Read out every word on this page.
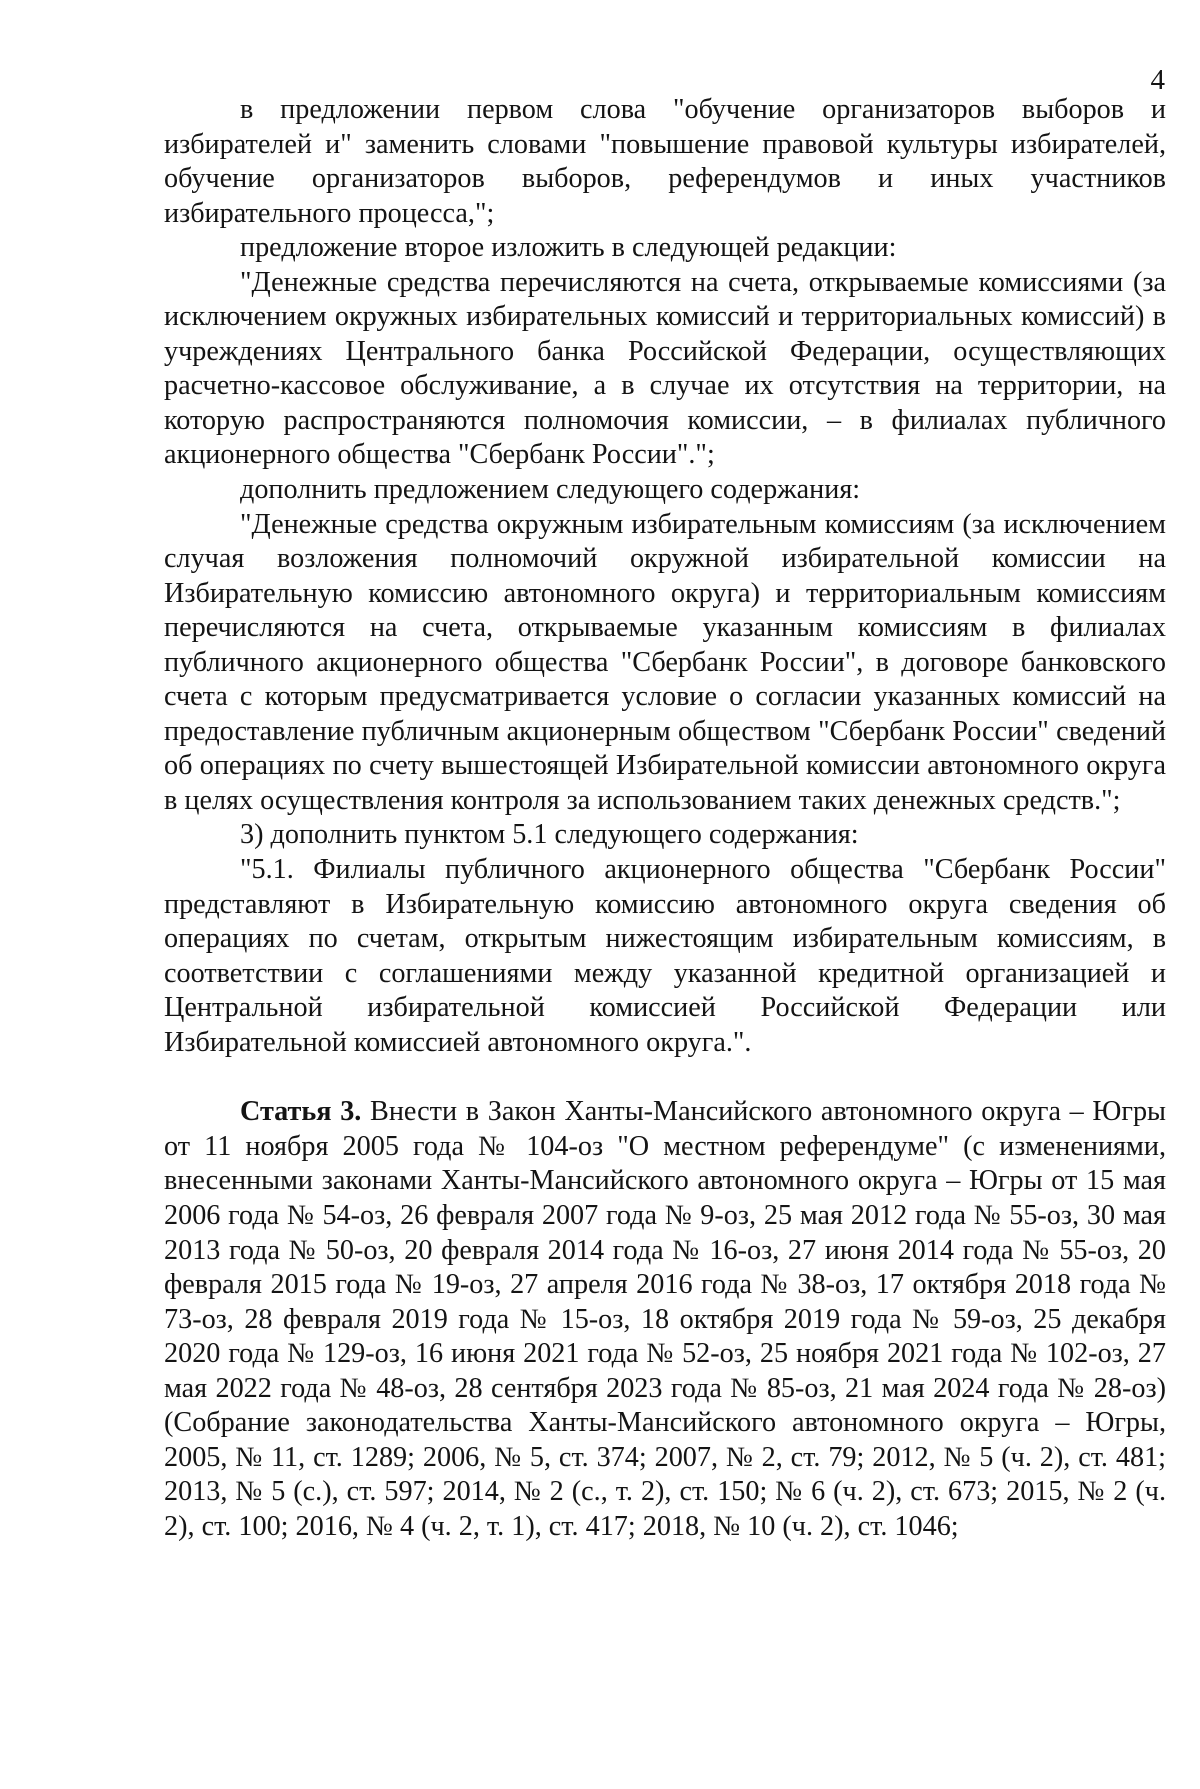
4

в предложении первом слова "обучение организаторов выборов и избирателей и" заменить словами "повышение правовой культуры избирателей, обучение организаторов выборов, референдумов и иных участников избирательного процесса,";

предложение второе изложить в следующей редакции:

"Денежные средства перечисляются на счета, открываемые комиссиями (за исключением окружных избирательных комиссий и территориальных комиссий) в учреждениях Центрального банка Российской Федерации, осуществляющих расчетно-кассовое обслуживание, а в случае их отсутствия на территории, на которую распространяются полномочия комиссии, – в филиалах публичного акционерного общества "Сбербанк России".";

дополнить предложением следующего содержания:

"Денежные средства окружным избирательным комиссиям (за исключением случая возложения полномочий окружной избирательной комиссии на Избирательную комиссию автономного округа) и территориальным комиссиям перечисляются на счета, открываемые указанным комиссиям в филиалах публичного акционерного общества "Сбербанк России", в договоре банковского счета с которым предусматривается условие о согласии указанных комиссий на предоставление публичным акционерным обществом "Сбербанк России" сведений об операциях по счету вышестоящей Избирательной комиссии автономного округа в целях осуществления контроля за использованием таких денежных средств.";

3) дополнить пунктом 5.1 следующего содержания:

"5.1. Филиалы публичного акционерного общества "Сбербанк России" представляют в Избирательную комиссию автономного округа сведения об операциях по счетам, открытым нижестоящим избирательным комиссиям, в соответствии с соглашениями между указанной кредитной организацией и Центральной избирательной комиссией Российской Федерации или Избирательной комиссией автономного округа.".

Статья 3. Внести в Закон Ханты-Мансийского автономного округа – Югры от 11 ноября 2005 года № 104-оз "О местном референдуме" (с изменениями, внесенными законами Ханты-Мансийского автономного округа – Югры от 15 мая 2006 года № 54-оз, 26 февраля 2007 года № 9-оз, 25 мая 2012 года № 55-оз, 30 мая 2013 года № 50-оз, 20 февраля 2014 года № 16-оз, 27 июня 2014 года № 55-оз, 20 февраля 2015 года № 19-оз, 27 апреля 2016 года № 38-оз, 17 октября 2018 года № 73-оз, 28 февраля 2019 года № 15-оз, 18 октября 2019 года № 59-оз, 25 декабря 2020 года № 129-оз, 16 июня 2021 года № 52-оз, 25 ноября 2021 года № 102-оз, 27 мая 2022 года № 48-оз, 28 сентября 2023 года № 85-оз, 21 мая 2024 года № 28-оз) (Собрание законодательства Ханты-Мансийского автономного округа – Югры, 2005, № 11, ст. 1289; 2006, № 5, ст. 374; 2007, № 2, ст. 79; 2012, № 5 (ч. 2), ст. 481; 2013, № 5 (с.), ст. 597; 2014, № 2 (с., т. 2), ст. 150; № 6 (ч. 2), ст. 673; 2015, № 2 (ч. 2), ст. 100; 2016, № 4 (ч. 2, т. 1), ст. 417; 2018, № 10 (ч. 2), ст. 1046;
